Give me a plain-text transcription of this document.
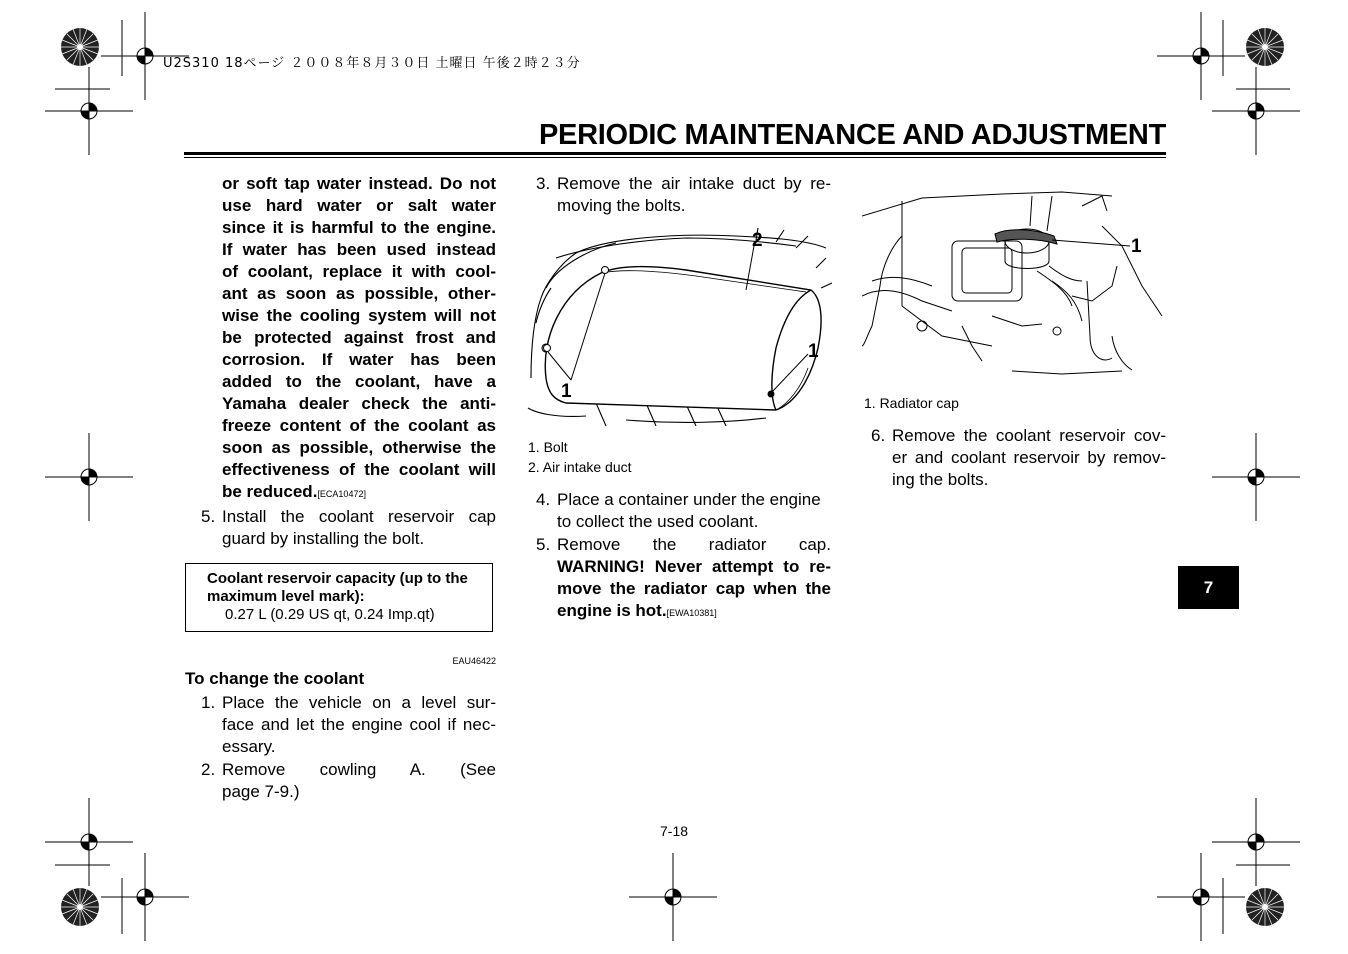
U2S310 18ページ ２００８年８月３０日 土曜日 午後２時２３分
PERIODIC MAINTENANCE AND ADJUSTMENT
or soft tap water instead. Do not
use hard water or salt water
since it is harmful to the engine.
If water has been used instead
of coolant, replace it with cool-
ant as soon as possible, other-
wise the cooling system will not
be protected against frost and
corrosion. If water has been
added to the coolant, have a
Yamaha dealer check the anti-
freeze content of the coolant as
soon as possible, otherwise the
effectiveness of the coolant will
be reduced.[ECA10472]
5. Install the coolant reservoir cap
guard by installing the bolt.
Coolant reservoir capacity (up to the
maximum level mark):
0.27 L (0.29 US qt, 0.24 Imp.qt)
EAU46422
To change the coolant
1. Place the vehicle on a level sur-
face and let the engine cool if nec-
essary.
2. Remove cowling A. (See
page 7-9.)
3. Remove the air intake duct by re-
moving the bolts.
2
1
1
1. Bolt
2. Air intake duct
4. Place a container under the engine
to collect the used coolant.
5. Remove the radiator cap.
WARNING! Never attempt to re-
move the radiator cap when the
engine is hot.[EWA10381]
1
1. Radiator cap
6. Remove the coolant reservoir cov-
er and coolant reservoir by remov-
ing the bolts.
7
7-18
